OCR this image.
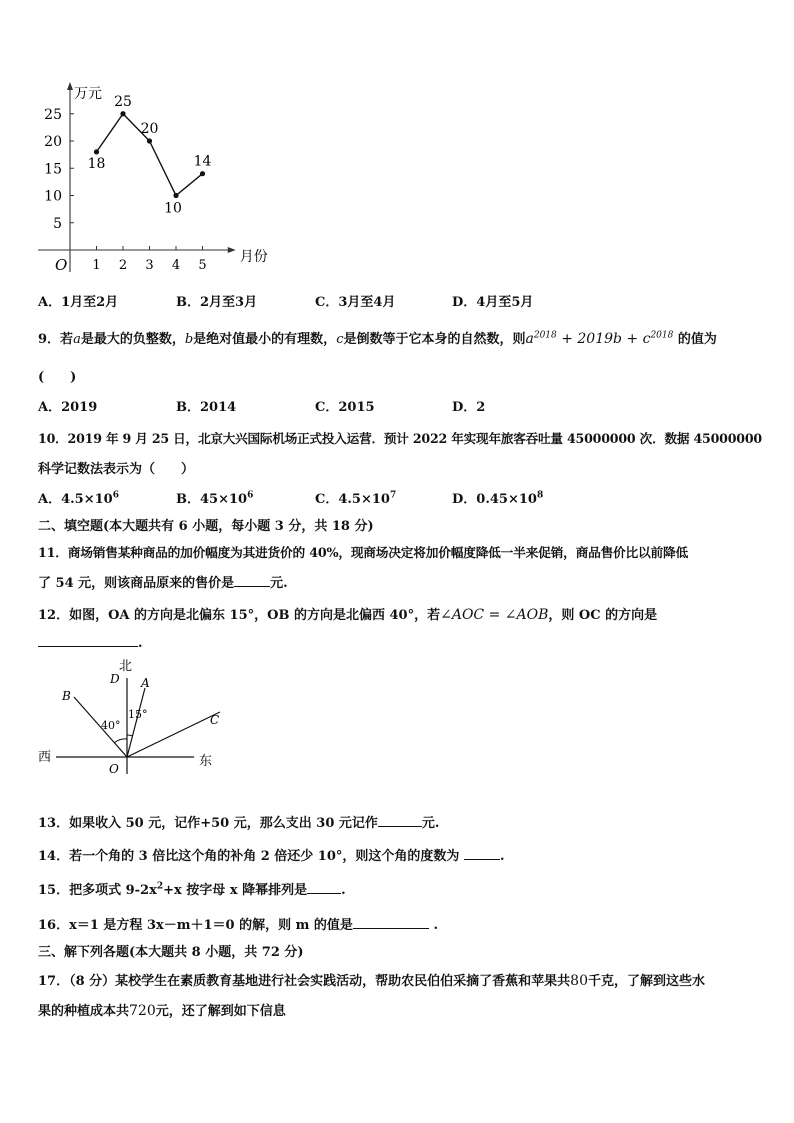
万元
月份
O
5
10
15
20
25
1 2 3 4 5
18
25
20
10
14
A．1月至2月	B．2月至3月	C．3月至4月	D．4月至5月
9．若a是最大的负整数，b是绝对值最小的有理数，c是倒数等于它本身的自然数，则$a^{2018} + 2019b + c^{2018}$ 的值为
(　　)
A．2019	B．2014	C．2015	D．2
10．2019 年 9 月 25 日，北京大兴国际机场正式投入运营．预计 2022 年实现年旅客吞吐量 45000000 次．数据 45000000
科学记数法表示为（　　）
A．$4.5\times 10^6$	B．$45\times 10^6$	C．$4.5\times 10^7$	D．$0.45\times 10^8$
二、填空题(本大题共有 6 小题，每小题 3 分，共 18 分)
11．商场销售某种商品的加价幅度为其进货价的 40%，现商场决定将加价幅度降低一半来促销，商品售价比以前降低
了 54 元，则该商品原来的售价是	元.
12．如图，OA 的方向是北偏东 15°，OB 的方向是北偏西 40°，若∠AOC = ∠AOB，则 OC 的方向是
.
北
D A
B
C
西	东
O
40°
15°
13．如果收入 50 元，记作+50 元，那么支出 30 元记作	元.
14．若一个角的 3 倍比这个角的补角 2 倍还少 10°，则这个角的度数为	.
15．把多项式 $9-2x^2+x$ 按字母 x 降幂排列是	.
16．x＝1 是方程 3x－m＋1＝0 的解，则 m 的值是	.
三、解下列各题(本大题共 8 小题，共 72 分)
17．（8 分）某校学生在素质教育基地进行社会实践活动，帮助农民伯伯采摘了香蕉和苹果共80千克，了解到这些水
果的种植成本共720元，还了解到如下信息
